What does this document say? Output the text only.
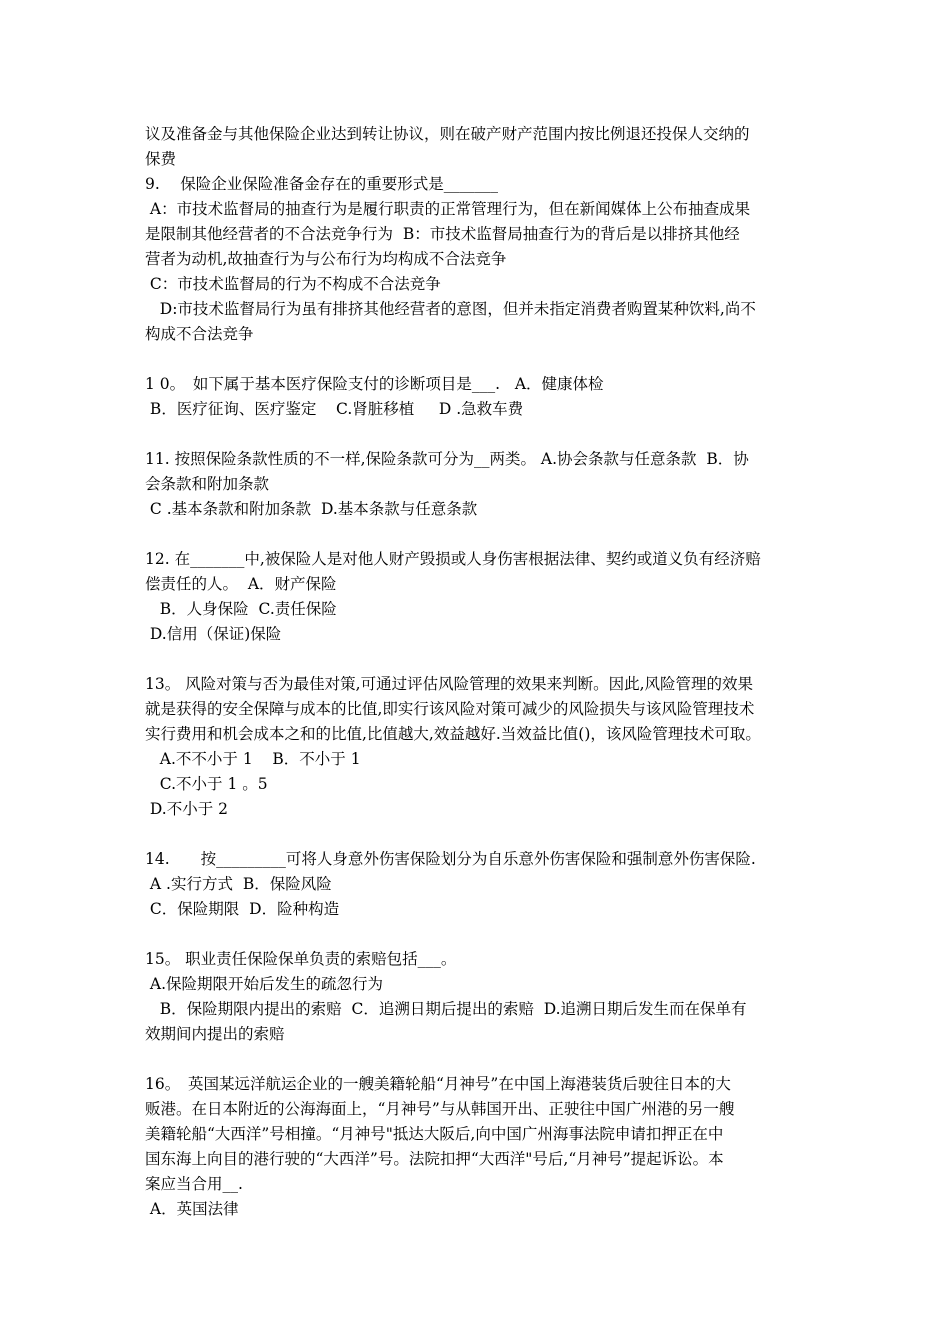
议及准备金与其他保险企业达到转让协议，则在破产财产范围内按比例退还投保人交纳的
保费
9.　 保险企业保险准备金存在的重要形式是_______
A：市技术监督局的抽查行为是履行职责的正常管理行为，但在新闻媒体上公布抽查成果
是限制其他经营者的不合法竞争行为  B：市技术监督局抽查行为的背后是以排挤其他经
营者为动机,故抽查行为与公布行为均构成不合法竞争
C：市技术监督局的行为不构成不合法竞争
D:市技术监督局行为虽有排挤其他经营者的意图，但并未指定消费者购置某种饮料,尚不
构成不合法竞争
1 0。　如下属于基本医疗保险支付的诊断项目是___.   A．健康体检
B．医疗征询、医疗鉴定    C.肾脏移植     D .急救车费
11. 按照保险条款性质的不一样,保险条款可分为__两类。 A.协会条款与任意条款  B．协
会条款和附加条款
C .基本条款和附加条款  D.基本条款与任意条款
12. 在_______中,被保险人是对他人财产毁损或人身伤害根据法律、契约或道义负有经济赔
偿责任的人。  A．财产保险
B．人身保险  C.责任保险
D.信用（保证)保险
13。 风险对策与否为最佳对策,可通过评估风险管理的效果来判断。因此,风险管理的效果
就是获得的安全保障与成本的比值,即实行该风险对策可减少的风险损失与该风险管理技术
实行费用和机会成本之和的比值,比值越大,效益越好.当效益比值()，该风险管理技术可取。
A.不不小于 1    B．不小于 1
C.不小于 1 。5
D.不小于 2
14.　　按_________可将人身意外伤害保险划分为自乐意外伤害保险和强制意外伤害保险.
A .实行方式  B．保险风险
C．保险期限  D．险种构造
15。 职业责任保险保单负责的索赔包括___。
A.保险期限开始后发生的疏忽行为
B．保险期限内提出的索赔  C．追溯日期后提出的索赔  D.追溯日期后发生而在保单有
效期间内提出的索赔
16。　英国某远洋航运企业的一艘美籍轮船“月神号”在中国上海港装货后驶往日本的大
贩港。在日本附近的公海海面上，“月神号”与从韩国开出、正驶往中国广州港的另一艘
美籍轮船“大西洋”号相撞。“月神号"抵达大阪后,向中国广州海事法院申请扣押正在中
国东海上向目的港行驶的“大西洋”号。法院扣押“大西洋"号后,“月神号”提起诉讼。本
案应当合用__.
A．英国法律
